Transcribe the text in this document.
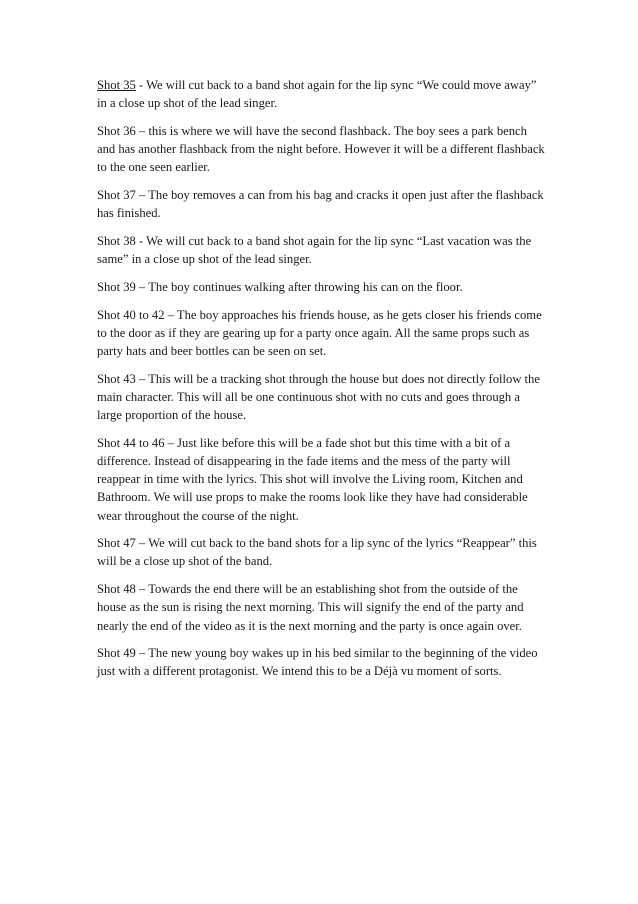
Shot 35 - We will cut back to a band shot again for the lip sync “We could move away” in a close up shot of the lead singer.

Shot 36 – this is where we will have the second flashback. The boy sees a park bench and has another flashback from the night before. However it will be a different flashback to the one seen earlier.

Shot 37 – The boy removes a can from his bag and cracks it open just after the flashback has finished.

Shot 38 - We will cut back to a band shot again for the lip sync “Last vacation was the same” in a close up shot of the lead singer.

Shot 39 – The boy continues walking after throwing his can on the floor.

Shot 40 to 42 – The boy approaches his friends house, as he gets closer his friends come to the door as if they are gearing up for a party once again. All the same props such as party hats and beer bottles can be seen on set.

Shot 43 – This will be a tracking shot through the house but does not directly follow the main character. This will all be one continuous shot with no cuts and goes through a large proportion of the house.

Shot 44 to 46 – Just like before this will be a fade shot but this time with a bit of a difference. Instead of disappearing in the fade items and the mess of the party will reappear in time with the lyrics. This shot will involve the Living room, Kitchen and Bathroom. We will use props to make the rooms look like they have had considerable wear throughout the course of the night.

Shot 47 – We will cut back to the band shots for a lip sync of the lyrics “Reappear” this will be a close up shot of the band.

Shot 48 – Towards the end there will be an establishing shot from the outside of the house as the sun is rising the next morning. This will signify the end of the party and nearly the end of the video as it is the next morning and the party is once again over.

Shot 49 – The new young boy wakes up in his bed similar to the beginning of the video just with a different protagonist. We intend this to be a Déjà vu moment of sorts.
